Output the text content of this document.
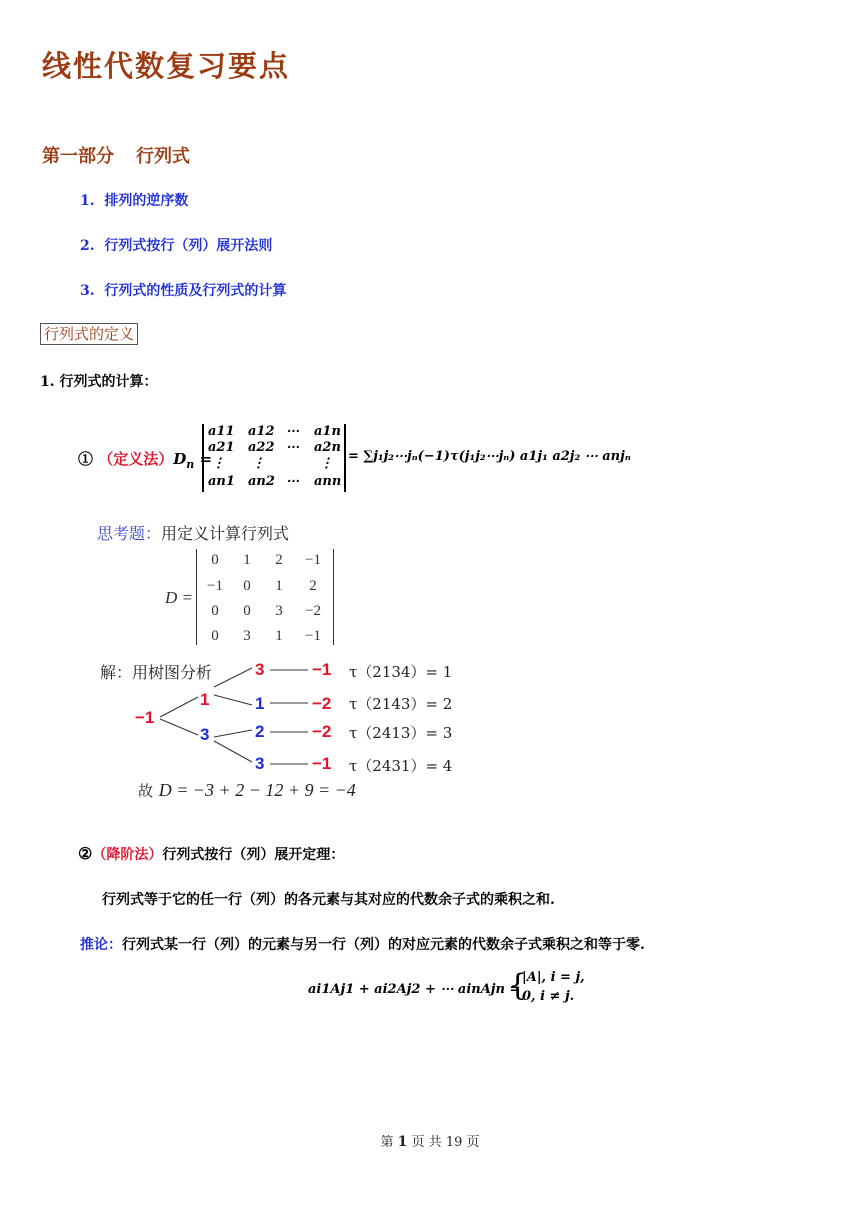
线性代数复习要点
第一部分 行列式
1. 排列的逆序数
2. 行列式按行（列）展开法则
3. 行列式的性质及行列式的计算
行列式的定义
1. 行列式的计算：
① （定义法）$D_n$ =
a11 a12 ⋯ a1n
a21 a22 ⋯ a2n
⋮ ⋮	⋮
an1 an2 ⋯ ann
= ∑j₁j₂⋯jₙ(−1)τ(j₁j₂⋯jₙ) a1j₁ a2j₂ ⋯ anjₙ
思考题：用定义计算行列式
D =
0	1	2	−1
−1	0	1	2
0	0	3	−2
0	3	1	−1
解：用树图分析
−1
1
3
3
1
2
3
−1
−2
−2
−1
τ（2134）= 1
τ（2143）= 2
τ（2413）= 3
τ（2431）= 4
故 D = −3 + 2 − 12 + 9 = −4
②（降阶法）行列式按行（列）展开定理：
行列式等于它的任一行（列）的各元素与其对应的代数余子式的乘积之和.
推论：行列式某一行（列）的元素与另一行（列）的对应元素的代数余子式乘积之和等于零.
ai1Aj1 + ai2Aj2 + ⋯ ainAjn =
{
|A|, i = j,
0, i ≠ j.
第 1 页 共 19 页
